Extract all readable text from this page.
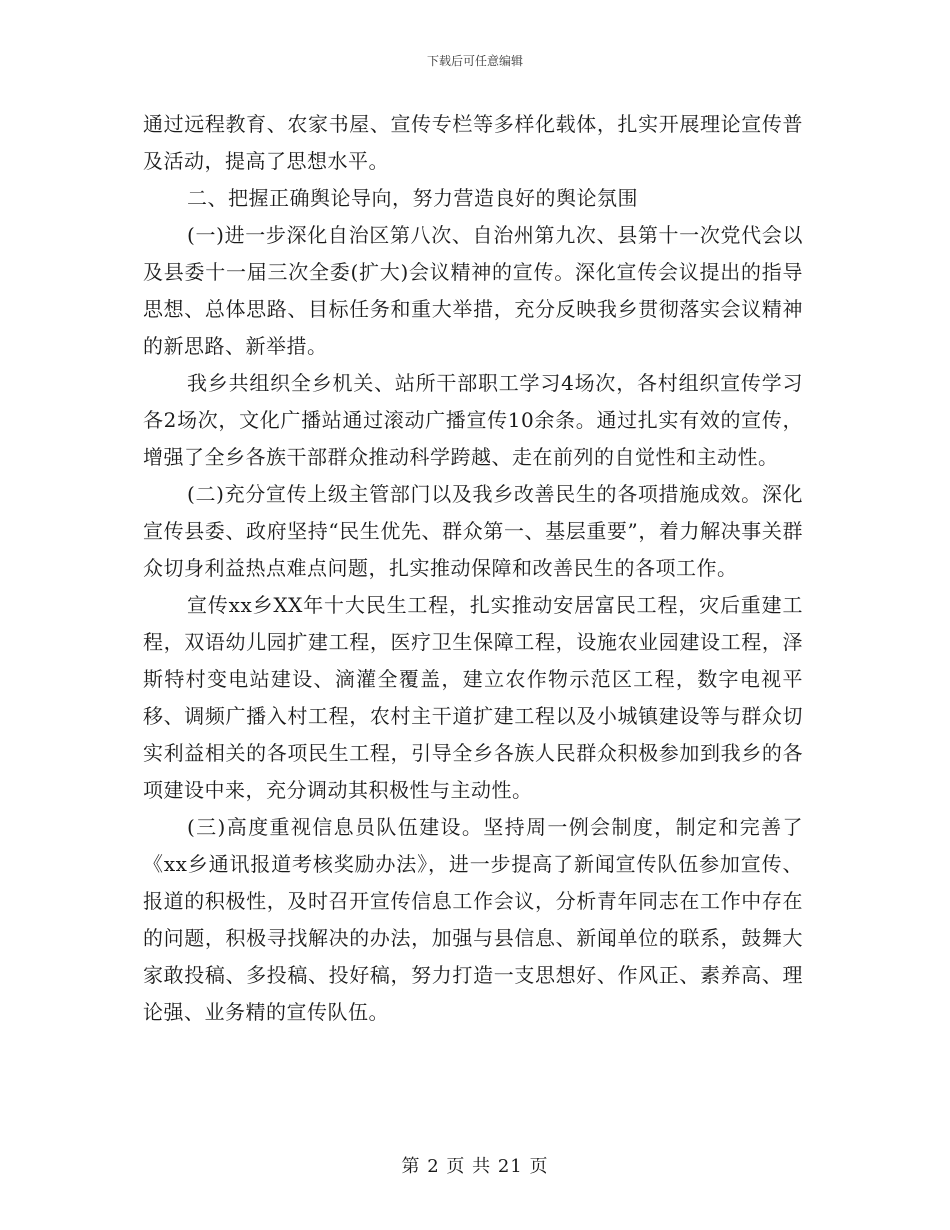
下载后可任意编辑

通过远程教育、农家书屋、宣传专栏等多样化载体，扎实开展理论宣传普及活动，提高了思想水平。

二、把握正确舆论导向，努力营造良好的舆论氛围

(一)进一步深化自治区第八次、自治州第九次、县第十一次党代会以及县委十一届三次全委(扩大)会议精神的宣传。深化宣传会议提出的指导思想、总体思路、目标任务和重大举措，充分反映我乡贯彻落实会议精神的新思路、新举措。

我乡共组织全乡机关、站所干部职工学习4场次，各村组织宣传学习各2场次，文化广播站通过滚动广播宣传10余条。通过扎实有效的宣传，增强了全乡各族干部群众推动科学跨越、走在前列的自觉性和主动性。

(二)充分宣传上级主管部门以及我乡改善民生的各项措施成效。深化宣传县委、政府坚持“民生优先、群众第一、基层重要”，着力解决事关群众切身利益热点难点问题，扎实推动保障和改善民生的各项工作。

宣传xx乡XX年十大民生工程，扎实推动安居富民工程，灾后重建工程，双语幼儿园扩建工程，医疗卫生保障工程，设施农业园建设工程，泽斯特村变电站建设、滴灌全覆盖，建立农作物示范区工程，数字电视平移、调频广播入村工程，农村主干道扩建工程以及小城镇建设等与群众切实利益相关的各项民生工程，引导全乡各族人民群众积极参加到我乡的各项建设中来，充分调动其积极性与主动性。

(三)高度重视信息员队伍建设。坚持周一例会制度，制定和完善了《xx乡通讯报道考核奖励办法》，进一步提高了新闻宣传队伍参加宣传、报道的积极性，及时召开宣传信息工作会议，分析青年同志在工作中存在的问题，积极寻找解决的办法，加强与县信息、新闻单位的联系，鼓舞大家敢投稿、多投稿、投好稿，努力打造一支思想好、作风正、素养高、理论强、业务精的宣传队伍。

第 2 页 共 21 页
